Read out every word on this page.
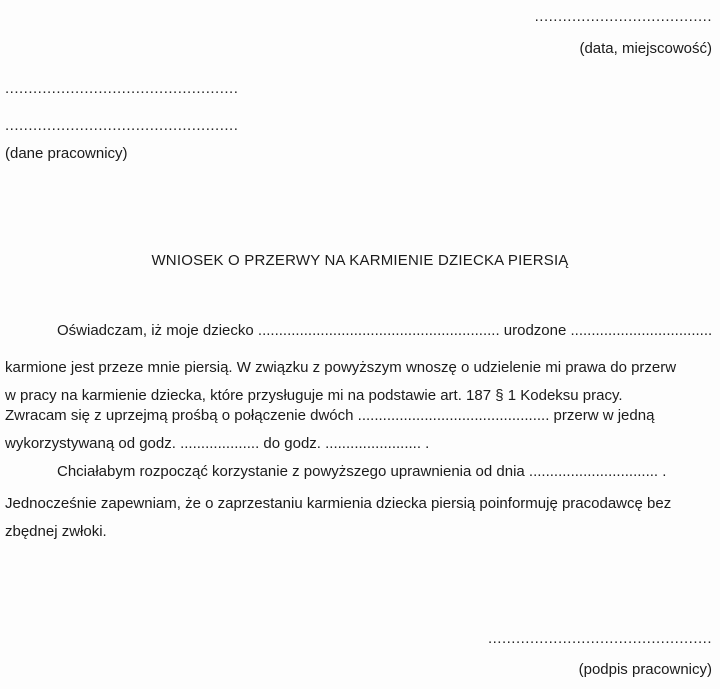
......................................
(data, miejscowość)
..................................................
..................................................
(dane pracownicy)
WNIOSEK O PRZERWY NA KARMIENIE DZIECKA PIERSIĄ
Oświadczam, iż moje dziecko .......................................................... urodzone ..................................
karmione jest przeze mnie piersią. W związku z powyższym wnoszę o udzielenie mi prawa do przerw
w pracy na karmienie dziecka, które przysługuje mi na podstawie art. 187 § 1 Kodeksu pracy.
Zwracam się z uprzejmą prośbą o połączenie dwóch .............................................. przerw w jedną
wykorzystywaną od godz. ................... do godz. ....................... .
Chciałabym rozpocząć korzystanie z powyższego uprawnienia od dnia ............................... .
Jednocześnie zapewniam, że o zaprzestaniu karmienia dziecka piersią poinformuję pracodawcę bez
zbędnej zwłoki.
................................................
(podpis pracownicy)
